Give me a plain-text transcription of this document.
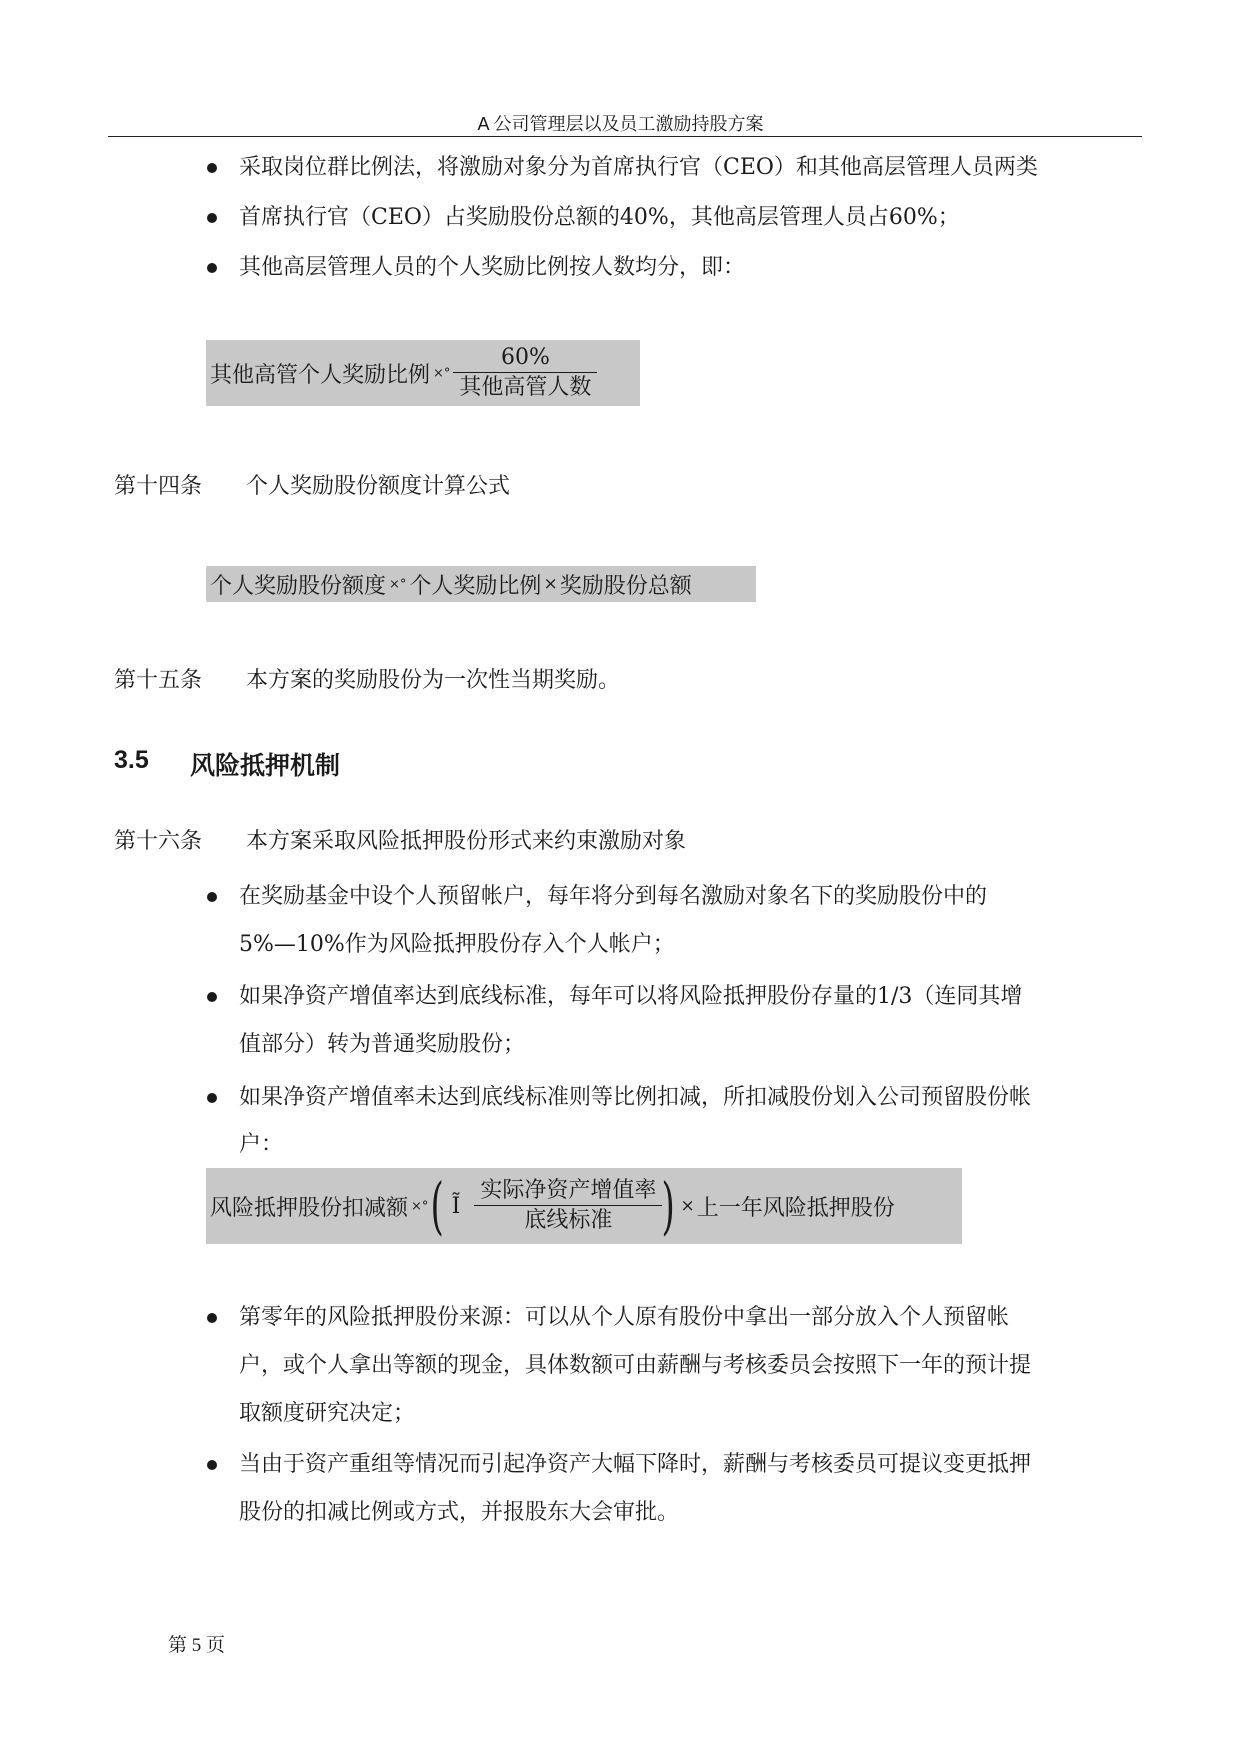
A 公司管理层以及员工激励持股方案
采取岗位群比例法，将激励对象分为首席执行官（CEO）和其他高层管理人员两类
首席执行官（CEO）占奖励股份总额的40%，其他高层管理人员占60%；
其他高层管理人员的个人奖励比例按人数均分，即：
其他高管个人奖励比例 ×° $\frac{60\%}{\text{其他高管人数}}$
第十四条 个人奖励股份额度计算公式
个人奖励股份额度 ×° 个人奖励比例 × 奖励股份总额
第十五条 本方案的奖励股份为一次性当期奖励。
3.5 风险抵押机制
第十六条 本方案采取风险抵押股份形式来约束激励对象
在奖励基金中设个人预留帐户，每年将分到每名激励对象名下的奖励股份中的
5%—10%作为风险抵押股份存入个人帐户；
如果净资产增值率达到底线标准，每年可以将风险抵押股份存量的1/3（连同其增
值部分）转为普通奖励股份；
如果净资产增值率未达到底线标准则等比例扣减，所扣减股份划入公司预留股份帐
户：
风险抵押股份扣减额 ×° ( Ĩ $\frac{\text{实际净资产增值率}}{\text{底线标准}}$ ) × 上一年风险抵押股份
第零年的风险抵押股份来源：可以从个人原有股份中拿出一部分放入个人预留帐
户，或个人拿出等额的现金，具体数额可由薪酬与考核委员会按照下一年的预计提
取额度研究决定；
当由于资产重组等情况而引起净资产大幅下降时，薪酬与考核委员可提议变更抵押
股份的扣减比例或方式，并报股东大会审批。
第 5 页
